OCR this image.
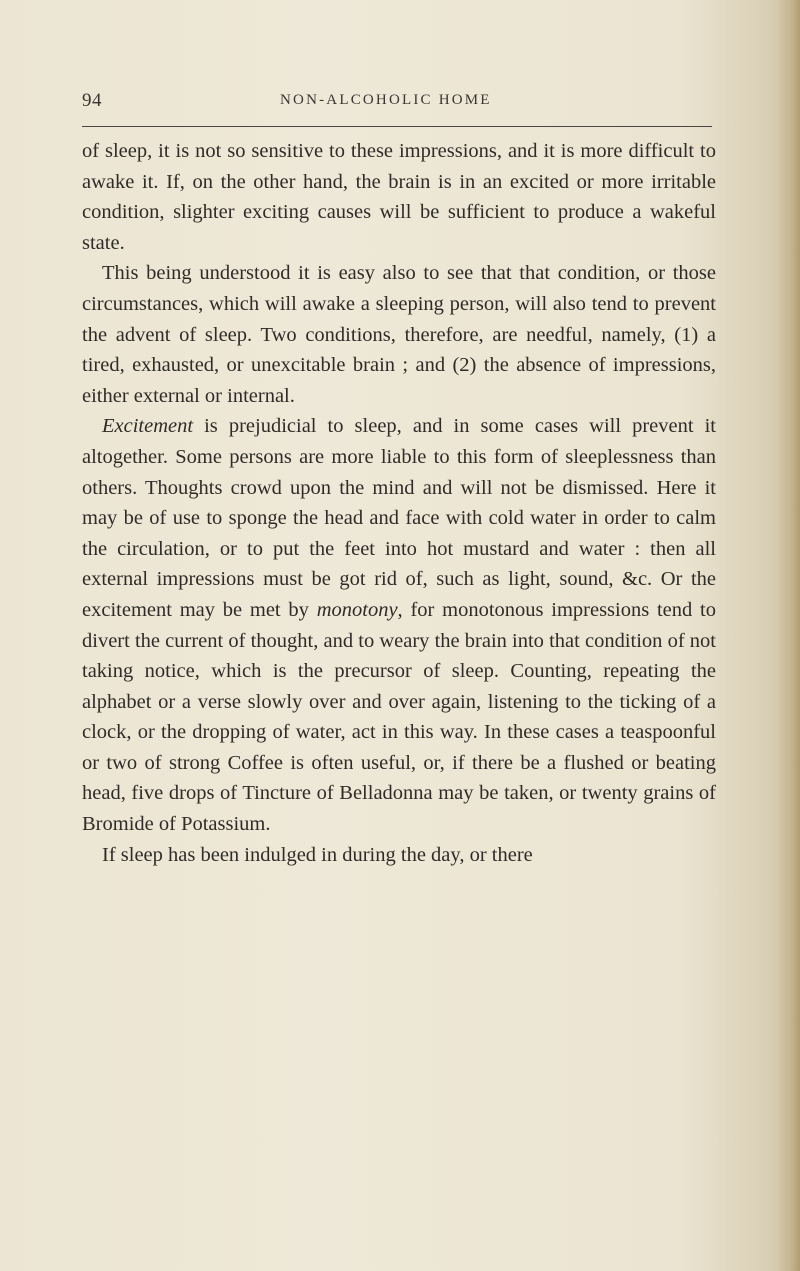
94	NON-ALCOHOLIC HOME

of sleep, it is not so sensitive to these impressions, and it is more difficult to awake it. If, on the other hand, the brain is in an excited or more irritable condition, slighter exciting causes will be sufficient to produce a wakeful state.

This being understood it is easy also to see that that condition, or those circumstances, which will awake a sleeping person, will also tend to prevent the advent of sleep. Two conditions, therefore, are needful, namely, (1) a tired, exhausted, or unexcitable brain ; and (2) the absence of impressions, either external or internal.

Excitement is prejudicial to sleep, and in some cases will prevent it altogether. Some persons are more liable to this form of sleeplessness than others. Thoughts crowd upon the mind and will not be dismissed. Here it may be of use to sponge the head and face with cold water in order to calm the circulation, or to put the feet into hot mustard and water : then all external impressions must be got rid of, such as light, sound, &c. Or the excitement may be met by monotony, for monotonous impressions tend to divert the current of thought, and to weary the brain into that condition of not taking notice, which is the precursor of sleep. Counting, repeating the alphabet or a verse slowly over and over again, listening to the ticking of a clock, or the dropping of water, act in this way. In these cases a teaspoonful or two of strong Coffee is often useful, or, if there be a flushed or beating head, five drops of Tincture of Belladonna may be taken, or twenty grains of Bromide of Potassium.

If sleep has been indulged in during the day, or there
